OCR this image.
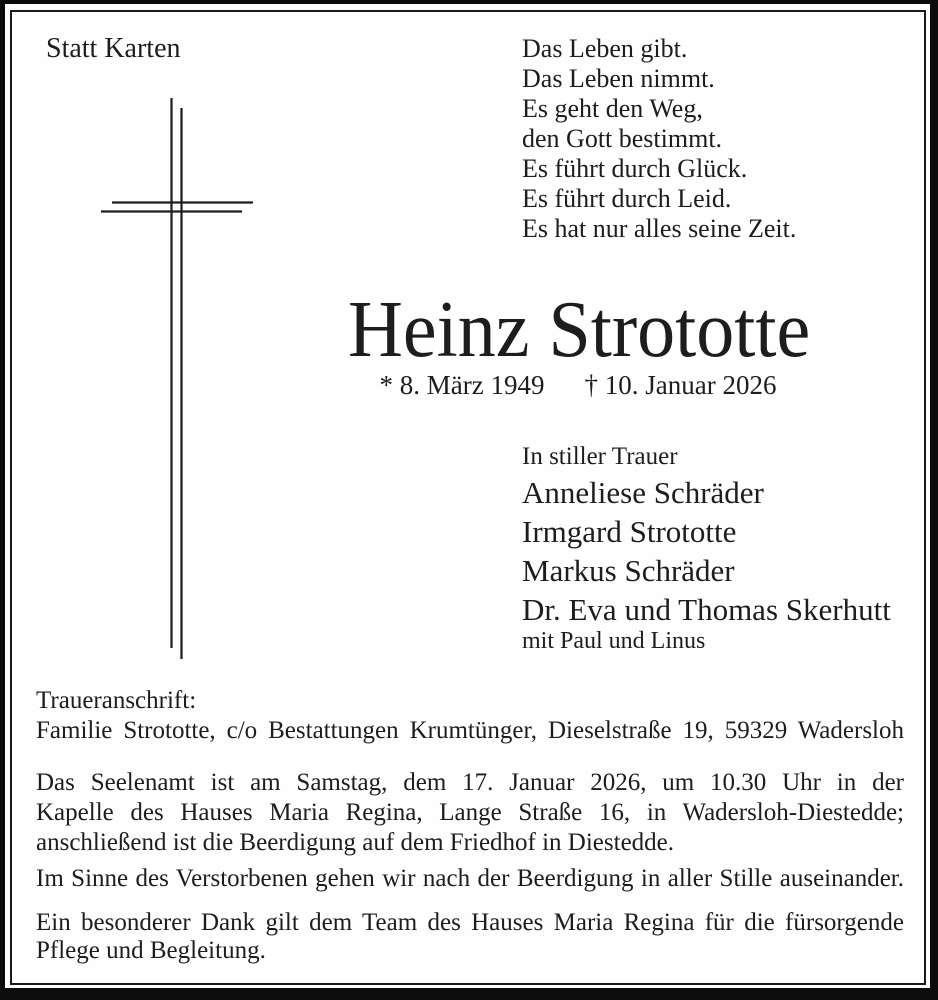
Statt Karten	Das Leben gibt.
Das Leben nimmt.
Es geht den Weg,
den Gott bestimmt.
Es führt durch Glück.
Es führt durch Leid.
Es hat nur alles seine Zeit.
Heinz Strototte
* 8. März 1949 † 10. Januar 2026
In stiller Trauer
Anneliese Schräder
Irmgard Strototte
Markus Schräder
Dr. Eva und Thomas Skerhutt
mit Paul und Linus
Traueranschrift:
Familie Strototte, c/o Bestattungen Krumtünger, Dieselstraße 19, 59329 Wadersloh
Das Seelenamt ist am Samstag, dem 17. Januar 2026, um 10.30 Uhr in der
Kapelle des Hauses Maria Regina, Lange Straße 16, in Wadersloh-Diestedde;
anschließend ist die Beerdigung auf dem Friedhof in Diestedde.
Im Sinne des Verstorbenen gehen wir nach der Beerdigung in aller Stille auseinander.
Ein besonderer Dank gilt dem Team des Hauses Maria Regina für die fürsorgende
Pflege und Begleitung.
